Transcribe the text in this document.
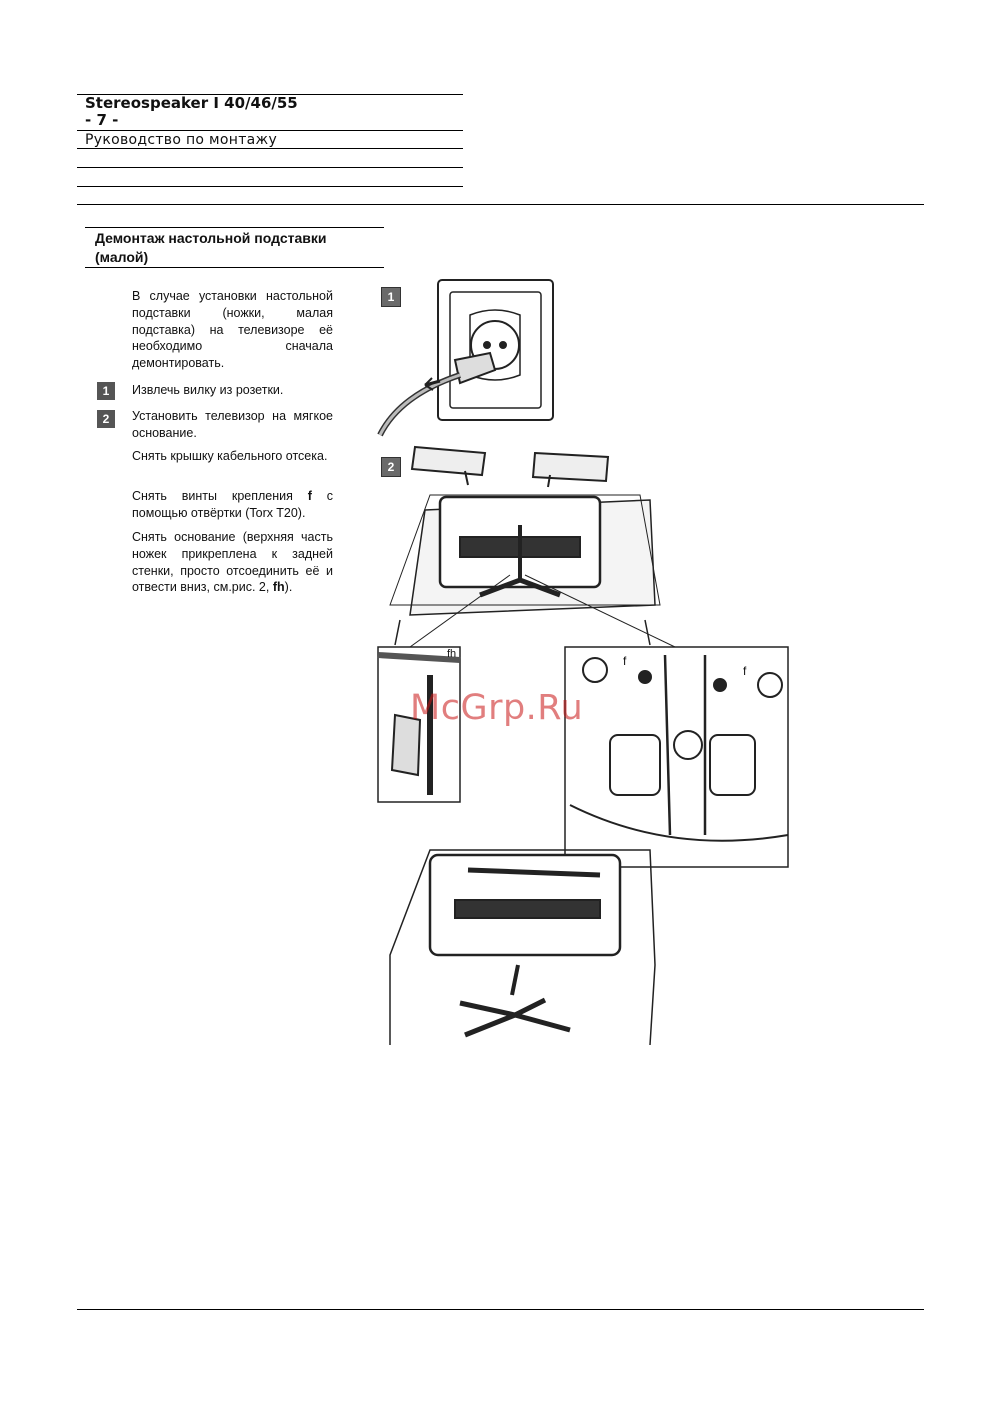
Stereospeaker I 40/46/55
- 7 -
Руководство по монтажу
Демонтаж настольной подставки
(малой)
В случае установки настольной подставки (ножки, малая подставка) на телевизоре её необходимо сначала демонтировать.
1	Извлечь вилку из розетки.
2	Установить телевизор на мягкое основание.
Снять крышку кабельного отсека.
Снять винты крепления f с помощью отвёртки (Torx T20).
Снять основание (верхняя часть ножек прикреплена к задней стенки, просто отсоединить её и отвести вниз, см.рис. 2, fh).
1
2
fh	f
f
McGrp.Ru
